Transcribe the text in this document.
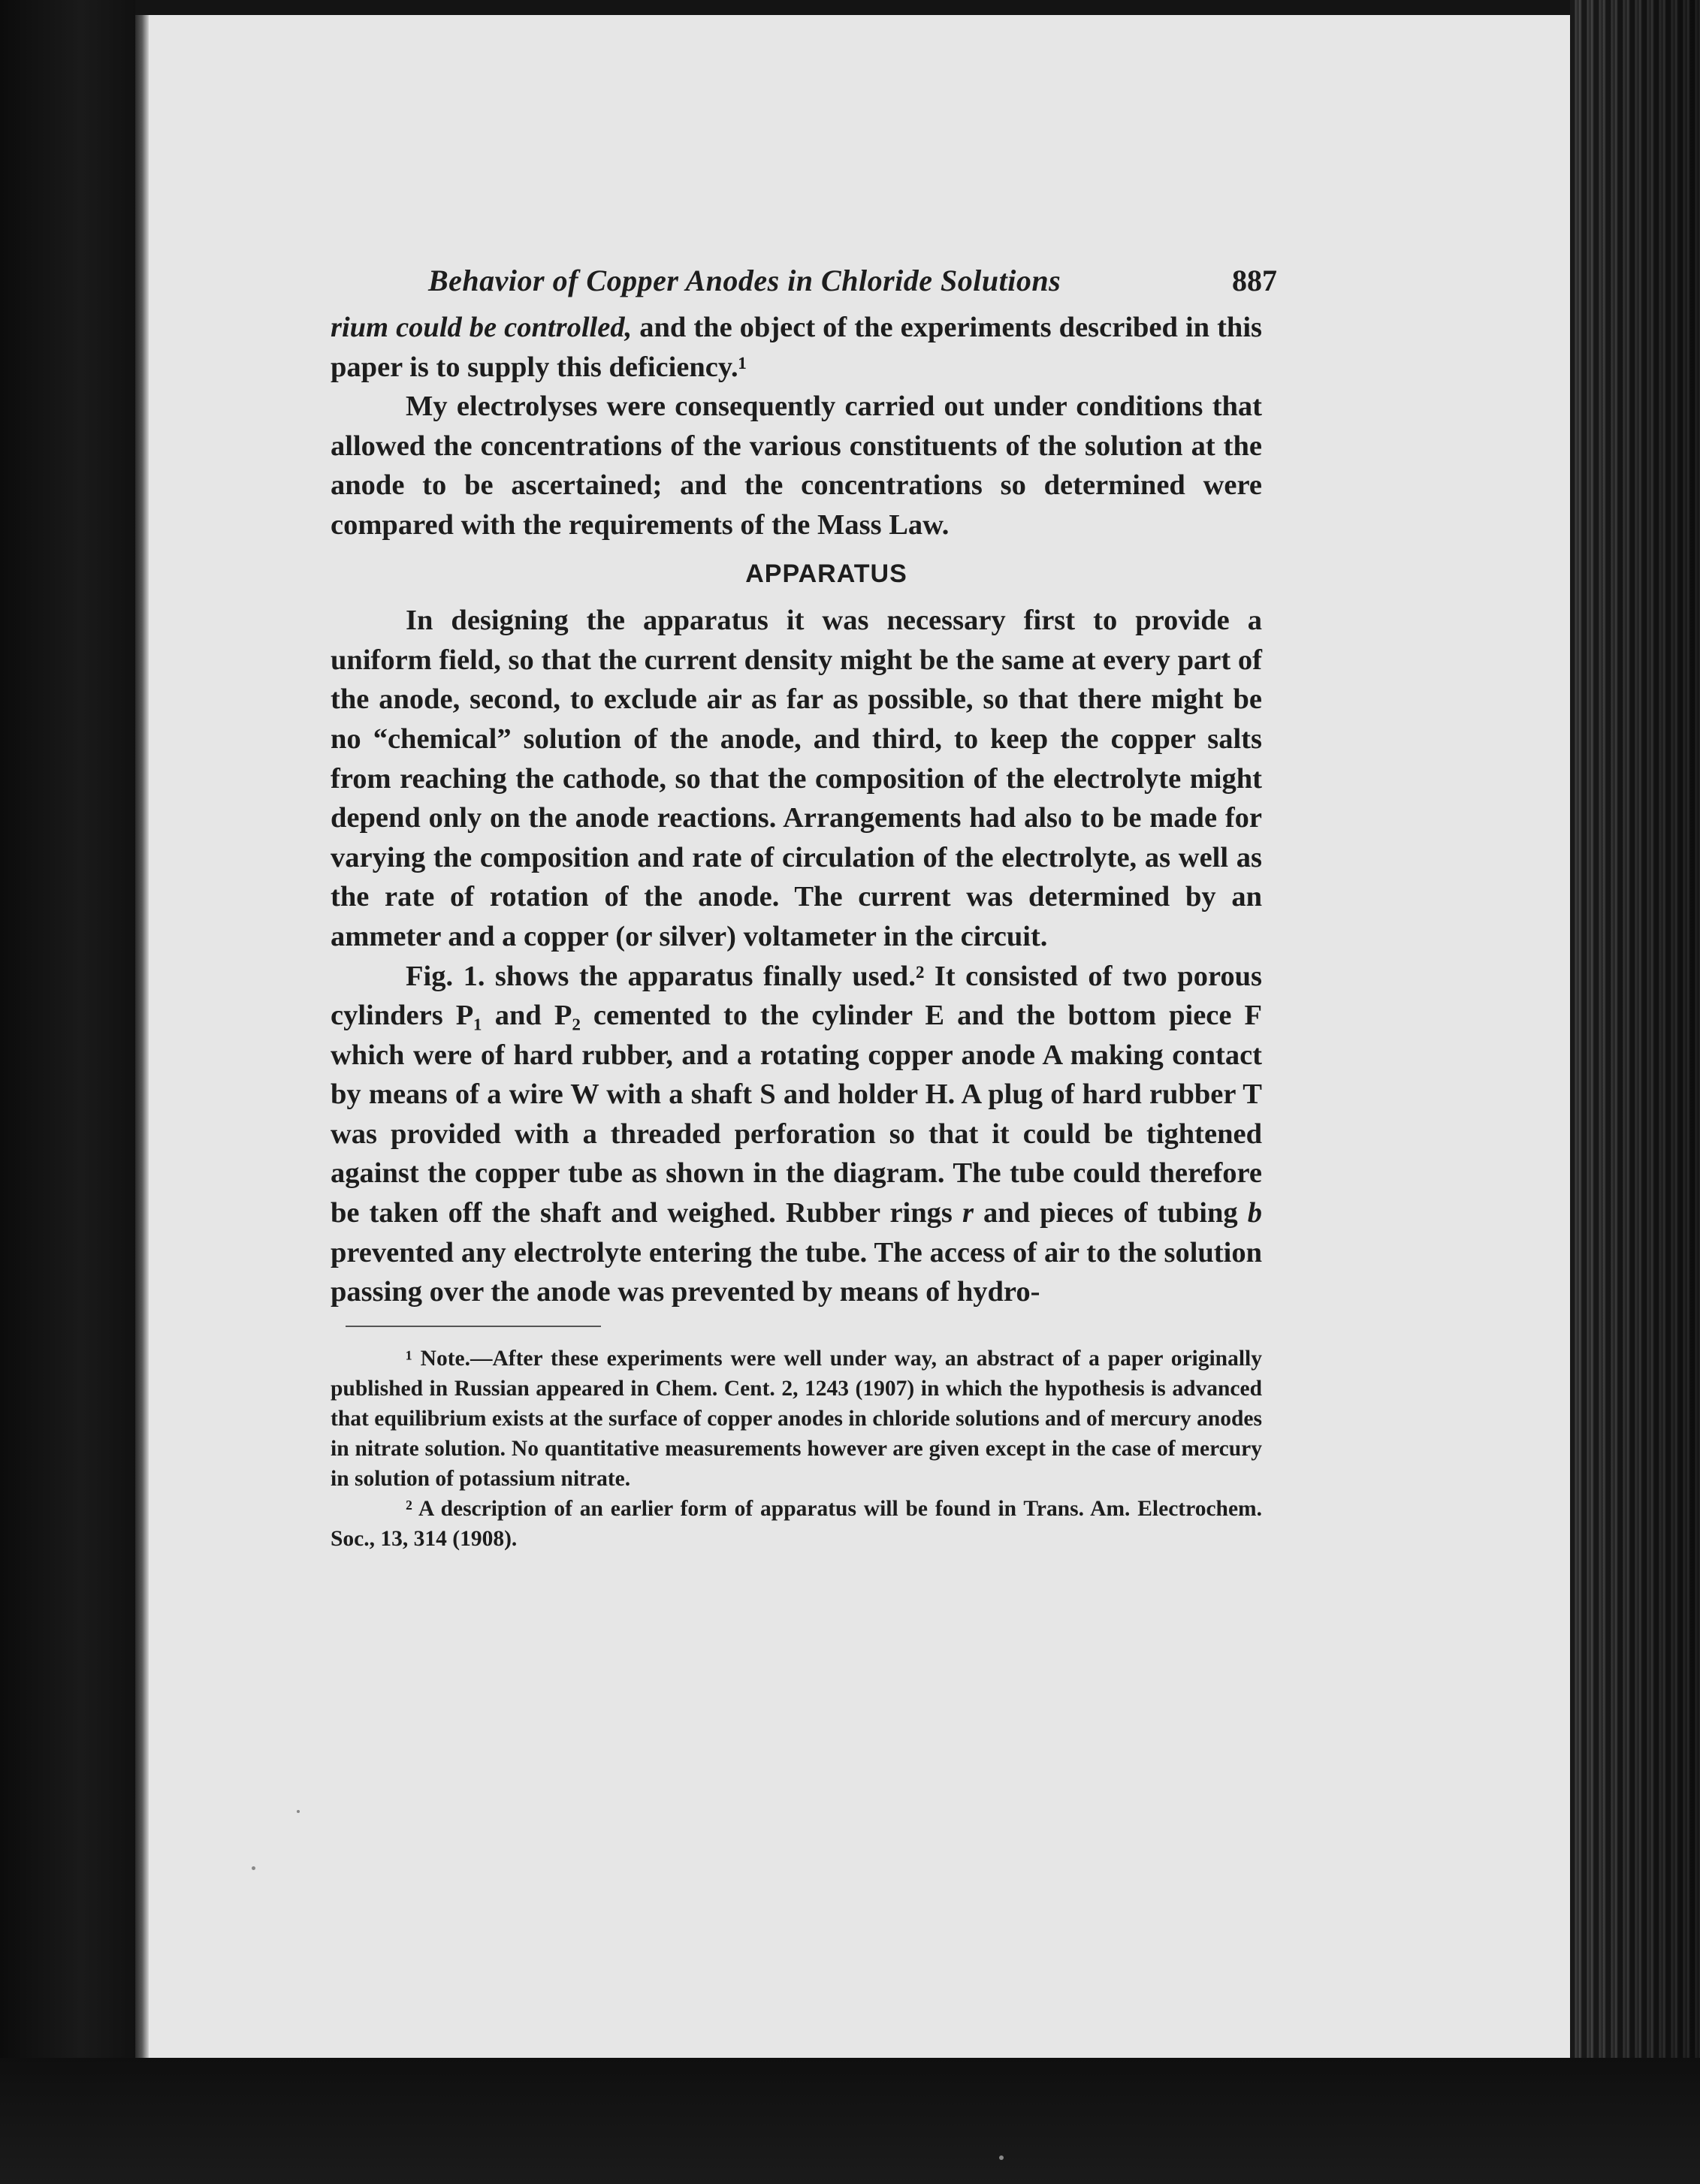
Behavior of Copper Anodes in Chloride Solutions	887

rium could be controlled, and the object of the experiments described in this paper is to supply this deficiency.¹

My electrolyses were consequently carried out under conditions that allowed the concentrations of the various constituents of the solution at the anode to be ascertained; and the concentrations so determined were compared with the requirements of the Mass Law.

APPARATUS

In designing the apparatus it was necessary first to provide a uniform field, so that the current density might be the same at every part of the anode, second, to exclude air as far as possible, so that there might be no “chemical” solution of the anode, and third, to keep the copper salts from reaching the cathode, so that the composition of the electrolyte might depend only on the anode reactions. Arrangements had also to be made for varying the composition and rate of circulation of the electrolyte, as well as the rate of rotation of the anode. The current was determined by an ammeter and a copper (or silver) voltameter in the circuit.

Fig. 1. shows the apparatus finally used.² It consisted of two porous cylinders P₁ and P₂ cemented to the cylinder E and the bottom piece F which were of hard rubber, and a rotating copper anode A making contact by means of a wire W with a shaft S and holder H. A plug of hard rubber T was provided with a threaded perforation so that it could be tightened against the copper tube as shown in the diagram. The tube could therefore be taken off the shaft and weighed. Rubber rings r and pieces of tubing b prevented any electrolyte entering the tube. The access of air to the solution passing over the anode was prevented by means of hydro-

¹ Note.—After these experiments were well under way, an abstract of a paper originally published in Russian appeared in Chem. Cent. 2, 1243 (1907) in which the hypothesis is advanced that equilibrium exists at the surface of copper anodes in chloride solutions and of mercury anodes in nitrate solution. No quantitative measurements however are given except in the case of mercury in solution of potassium nitrate.

² A description of an earlier form of apparatus will be found in Trans. Am. Electrochem. Soc., 13, 314 (1908).
